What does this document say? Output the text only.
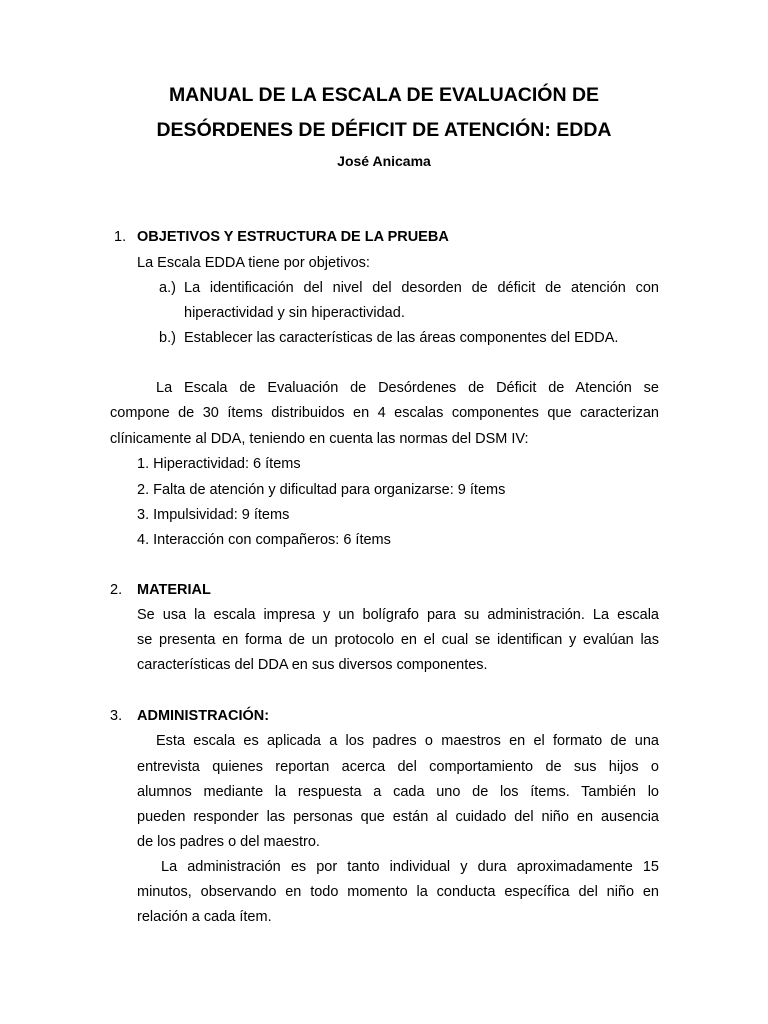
MANUAL DE LA ESCALA DE EVALUACIÓN DE
DESÓRDENES DE DÉFICIT DE ATENCIÓN: EDDA
José Anicama
1. OBJETIVOS Y ESTRUCTURA DE LA PRUEBA
La Escala EDDA tiene por objetivos:
a.) La identificación del nivel del desorden de déficit de atención con
hiperactividad y sin hiperactividad.
b.) Establecer las características de las áreas componentes del EDDA.
La Escala de Evaluación de Desórdenes de Déficit de Atención se
compone de 30 ítems distribuidos en 4 escalas componentes que caracterizan
clínicamente al DDA, teniendo en cuenta las normas del DSM IV:
1. Hiperactividad: 6 ítems
2. Falta de atención y dificultad para organizarse: 9 ítems
3. Impulsividad: 9 ítems
4. Interacción con compañeros: 6 ítems
2. MATERIAL
Se usa la escala impresa y un bolígrafo para su administración. La escala
se presenta en forma de un protocolo en el cual se identifican y evalúan las
características del DDA en sus diversos componentes.
3. ADMINISTRACIÓN:
Esta escala es aplicada a los padres o maestros en el formato de una
entrevista quienes reportan acerca del comportamiento de sus hijos o
alumnos mediante la respuesta a cada uno de los ítems. También lo
pueden responder las personas que están al cuidado del niño en ausencia
de los padres o del maestro.
La administración es por tanto individual y dura aproximadamente 15
minutos, observando en todo momento la conducta específica del niño en
relación a cada ítem.
